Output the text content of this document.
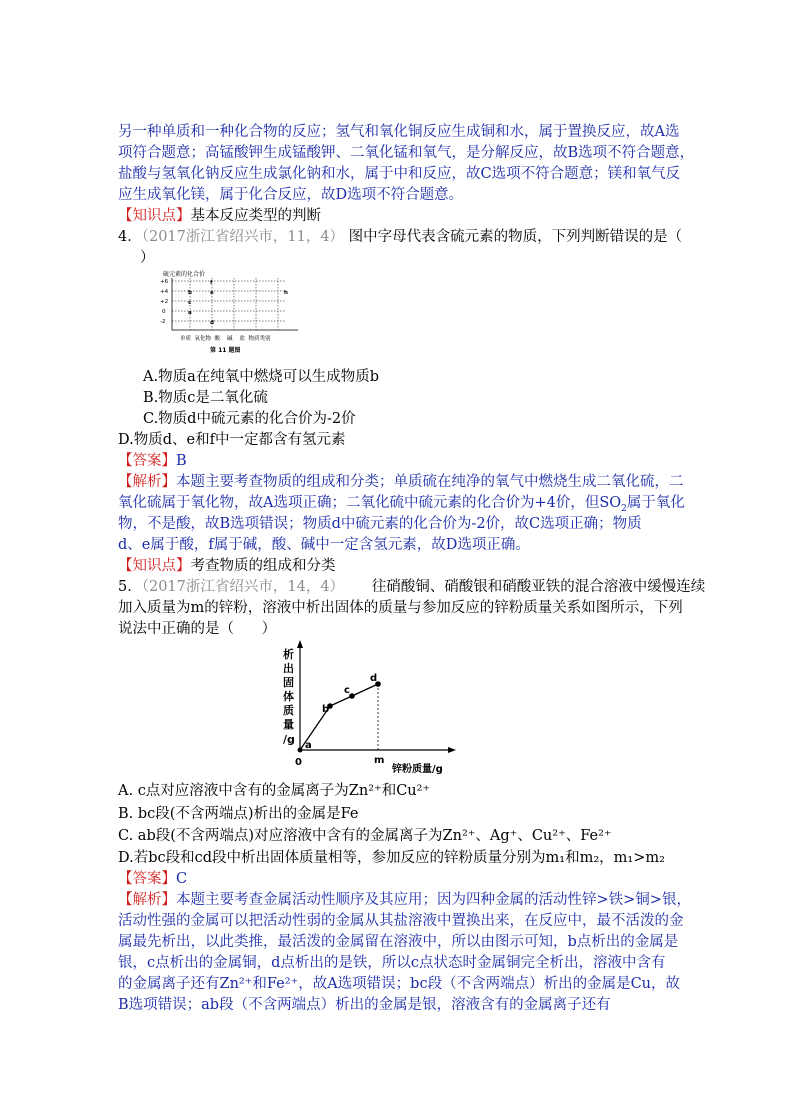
另一种单质和一种化合物的反应；氢气和氧化铜反应生成铜和水，属于置换反应，故A选
项符合题意；高锰酸钾生成锰酸钾、二氧化锰和氧气，是分解反应，故B选项不符合题意，
盐酸与氢氧化钠反应生成氯化钠和水，属于中和反应，故C选项不符合题意；镁和氧气反
应生成氧化镁，属于化合反应，故D选项不符合题意。
【知识点】基本反应类型的判断
4．（2017浙江省绍兴市，11，4） 图中字母代表含硫元素的物质，下列判断错误的是（
）
硫元素的化合价
+6
+4
+2
0
-2
f
e
d
c
b
a
h
单质  氧化物  酸    碱    盐  物质类别
第 11 题图
A.物质a在纯氧中燃烧可以生成物质b
B.物质c是二氧化硫
C.物质d中硫元素的化合价为-2价
D.物质d、e和f中一定都含有氢元素
【答案】B
【解析】本题主要考查物质的组成和分类；单质硫在纯净的氧气中燃烧生成二氧化硫，二
氧化硫属于氧化物，故A选项正确；二氧化硫中硫元素的化合价为+4价，但$SO_2$属于氧化
物，不是酸，故B选项错误；物质d中硫元素的化合价为-2价，故C选项正确；物质
d、e属于酸，f属于碱，酸、碱中一定含氢元素，故D选项正确。
【知识点】考查物质的组成和分类
5．（2017浙江省绍兴市，14，4）      往硝酸铜、硝酸银和硝酸亚铁的混合溶液中缓慢连续
加入质量为m的锌粉，溶液中析出固体的质量与参加反应的锌粉质量关系如图所示，下列
说法中正确的是（      ）
析
出
固
体
质
量
/g a
b
c
d
0	m
锌粉质量/g
A. c点对应溶液中含有的金属离子为Zn²⁺和Cu²⁺
B. bc段(不含两端点)析出的金属是Fe
C. ab段(不含两端点)对应溶液中含有的金属离子为Zn²⁺、Ag⁺、Cu²⁺、Fe²⁺
D.若bc段和cd段中析出固体质量相等，参加反应的锌粉质量分别为m₁和m₂，m₁>m₂
【答案】C
【解析】本题主要考查金属活动性顺序及其应用；因为四种金属的活动性锌>铁>铜>银，
活动性强的金属可以把活动性弱的金属从其盐溶液中置换出来，在反应中，最不活泼的金
属最先析出，以此类推，最活泼的金属留在溶液中，所以由图示可知，b点析出的金属是
银，c点析出的金属铜，d点析出的是铁，所以c点状态时金属铜完全析出，溶液中含有
的金属离子还有Zn²⁺和Fe²⁺，故A选项错误；bc段（不含两端点）析出的金属是Cu，故
B选项错误；ab段（不含两端点）析出的金属是银，溶液含有的金属离子还有
